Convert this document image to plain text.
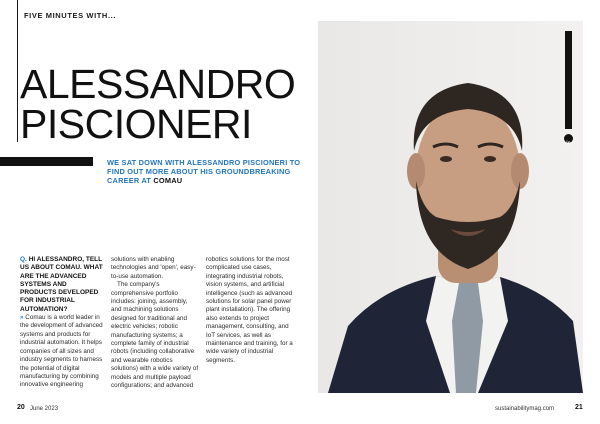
FIVE MINUTES WITH...
ALESSANDRO
PISCIONERI
WE SAT DOWN WITH ALESSANDRO PISCIONERI TO FIND OUT MORE ABOUT HIS GROUNDBREAKING CAREER AT COMAU
Q. HI ALESSANDRO, TELL US ABOUT COMAU. WHAT ARE THE ADVANCED SYSTEMS AND PRODUCTS DEVELOPED FOR INDUSTRIAL AUTOMATION?

» Comau is a world leader in the development of advanced systems and products for industrial automation. It helps companies of all sizes and industry segments to harness the potential of digital manufacturing by combining innovative engineering

solutions with enabling technologies and 'open', easy-to-use automation.

The company's comprehensive portfolio includes: joining, assembly, and machining solutions designed for traditional and electric vehicles; robotic manufacturing systems; a complete family of industrial robots (including collaborative and wearable robotics solutions) with a wide variety of models and multiple payload configurations; and advanced

robotics solutions for the most complicated use cases, integrating industrial robots, vision systems, and artificial intelligence (such as advanced solutions for solar panel power plant installation). The offering also extends to project management, consulting, and IoT services, as well as maintenance and training, for a wide variety of industrial segments.

in
20 June 2023	sustainabilitymag.com	21
